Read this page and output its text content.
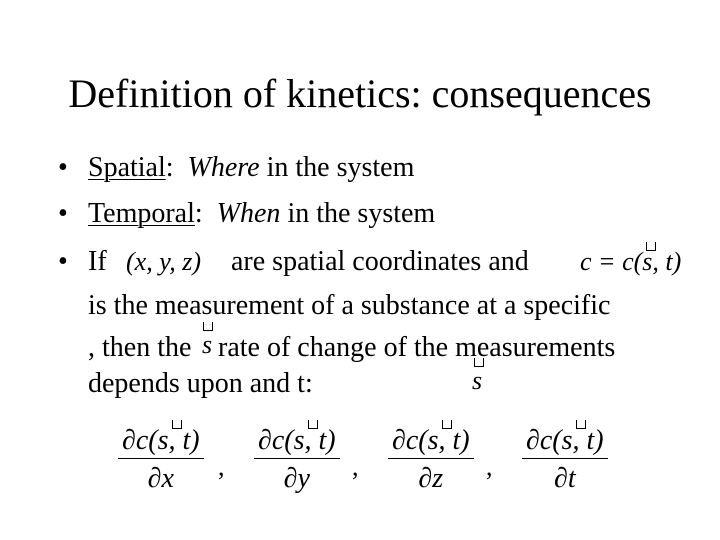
Definition of kinetics: consequences
• Spatial: Where in the system
• Temporal: When in the system
• If (x, y, z) are spatial coordinates and c = c(s, t)
is the measurement of a substance at a specific
, then the s rate of change of the measurements
depends upon and t:	s
∂c(s, t)
∂x ,
∂c(s, t)
∂y ,
∂c(s, t)
∂z ,
∂c(s, t)
∂t
